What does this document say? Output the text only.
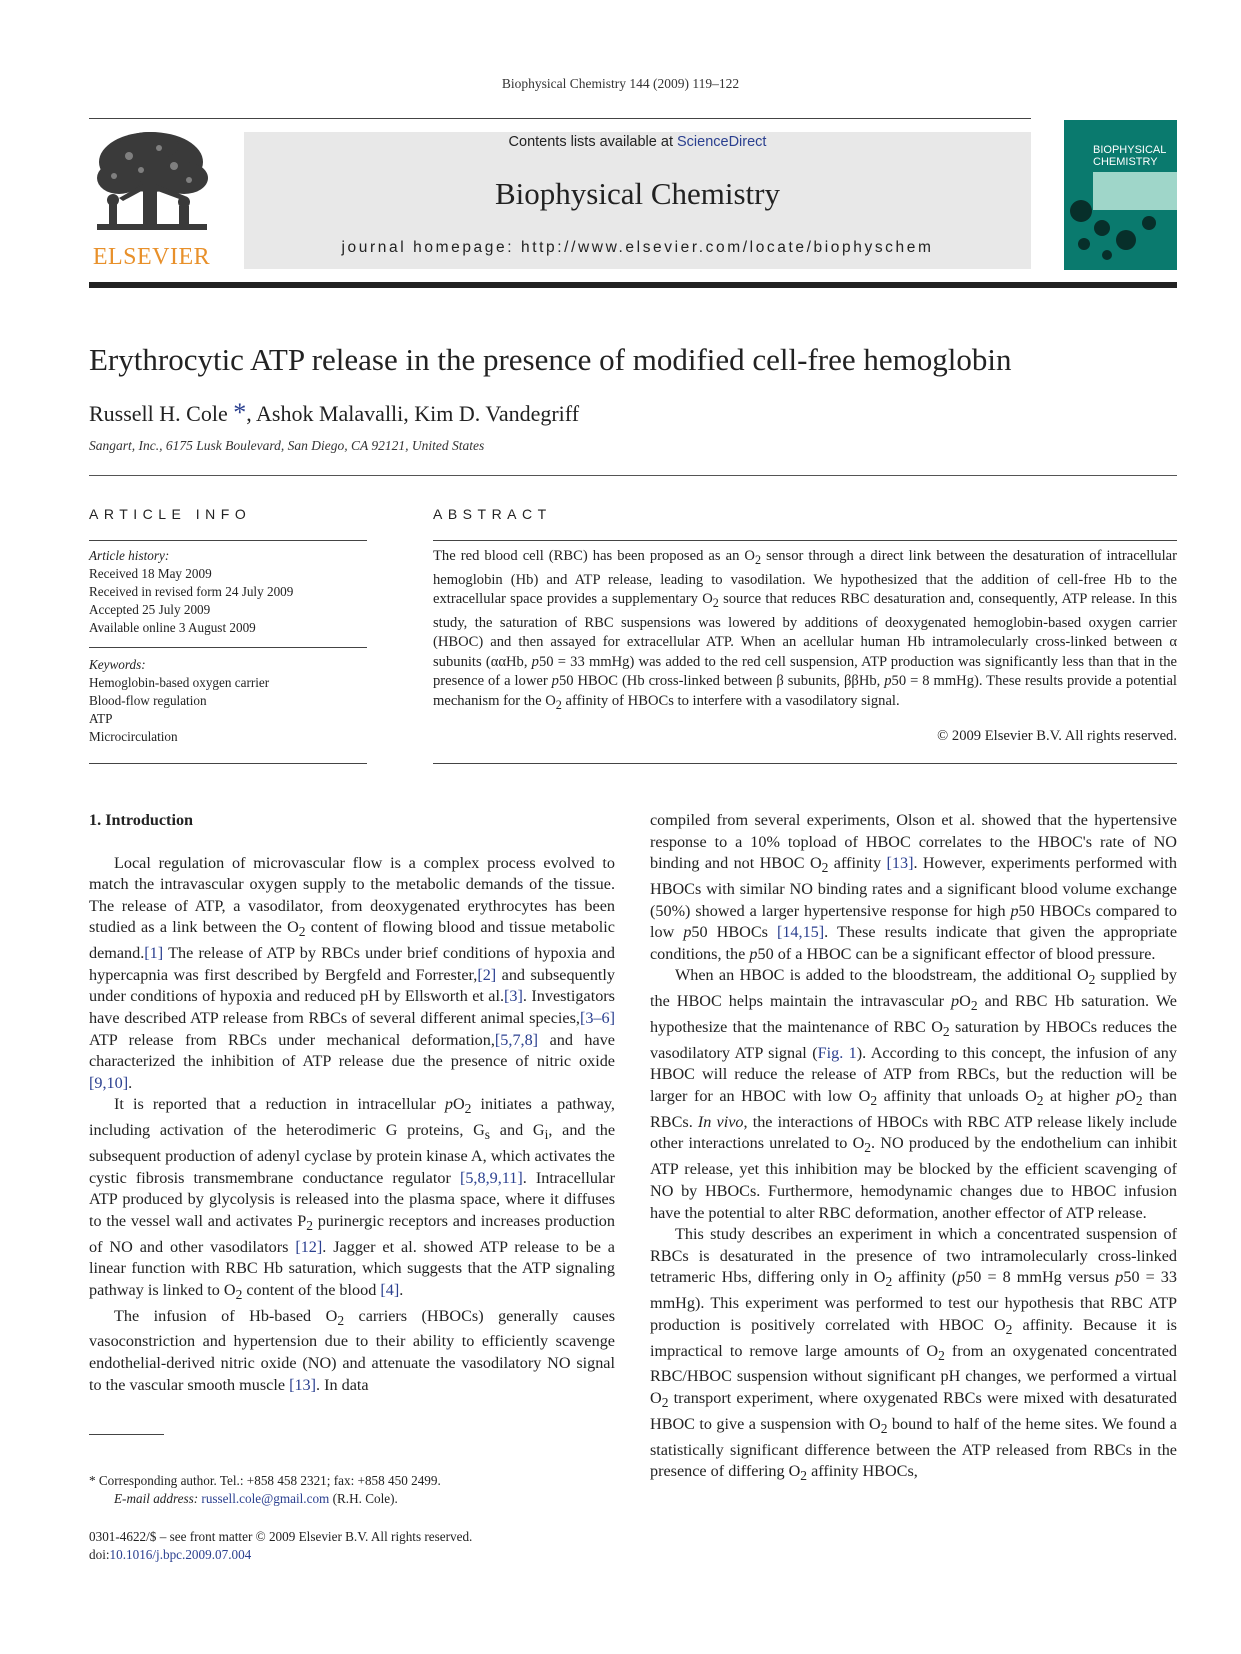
Biophysical Chemistry 144 (2009) 119–122
ELSEVIER
Contents lists available at ScienceDirect
Biophysical Chemistry
journal homepage: http://www.elsevier.com/locate/biophyschem
BIOPHYSICAL
CHEMISTRY
Erythrocytic ATP release in the presence of modified cell-free hemoglobin
Russell H. Cole *, Ashok Malavalli, Kim D. Vandegriff
Sangart, Inc., 6175 Lusk Boulevard, San Diego, CA 92121, United States
ARTICLE INFO
Article history:
Received 18 May 2009
Received in revised form 24 July 2009
Accepted 25 July 2009
Available online 3 August 2009
Keywords:
Hemoglobin-based oxygen carrier
Blood-flow regulation
ATP
Microcirculation
ABSTRACT
The red blood cell (RBC) has been proposed as an $O_2$ sensor through a direct link between the desaturation of intracellular hemoglobin (Hb) and ATP release, leading to vasodilation. We hypothesized that the addition of cell-free Hb to the extracellular space provides a supplementary $O_2$ source that reduces RBC desaturation and, consequently, ATP release. In this study, the saturation of RBC suspensions was lowered by additions of deoxygenated hemoglobin-based oxygen carrier (HBOC) and then assayed for extracellular ATP. When an acellular human Hb intramolecularly cross-linked between α subunits (ααHb, p50 = 33 mmHg) was added to the red cell suspension, ATP production was significantly less than that in the presence of a lower p50 HBOC (Hb cross-linked between β subunits, ββHb, p50 = 8 mmHg). These results provide a potential mechanism for the $O_2$ affinity of HBOCs to interfere with a vasodilatory signal.
© 2009 Elsevier B.V. All rights reserved.
1. Introduction

Local regulation of microvascular flow is a complex process evolved to match the intravascular oxygen supply to the metabolic demands of the tissue. The release of ATP, a vasodilator, from deoxygenated erythrocytes has been studied as a link between the $O_2$ content of flowing blood and tissue metabolic demand.[1] The release of ATP by RBCs under brief conditions of hypoxia and hypercapnia was first described by Bergfeld and Forrester,[2] and subsequently under conditions of hypoxia and reduced pH by Ellsworth et al.[3]. Investigators have described ATP release from RBCs of several different animal species,[3–6] ATP release from RBCs under mechanical deformation,[5,7,8] and have characterized the inhibition of ATP release due the presence of nitric oxide [9,10].

It is reported that a reduction in intracellular $pO_2$ initiates a pathway, including activation of the heterodimeric G proteins, $G_s$ and $G_i$, and the subsequent production of adenyl cyclase by protein kinase A, which activates the cystic fibrosis transmembrane conductance regulator [5,8,9,11]. Intracellular ATP produced by glycolysis is released into the plasma space, where it diffuses to the vessel wall and activates $P_2$ purinergic receptors and increases production of NO and other vasodilators [12]. Jagger et al. showed ATP release to be a linear function with RBC Hb saturation, which suggests that the ATP signaling pathway is linked to $O_2$ content of the blood [4].

The infusion of Hb-based $O_2$ carriers (HBOCs) generally causes vasoconstriction and hypertension due to their ability to efficiently scavenge endothelial-derived nitric oxide (NO) and attenuate the vasodilatory NO signal to the vascular smooth muscle [13]. In data

compiled from several experiments, Olson et al. showed that the hypertensive response to a 10% topload of HBOC correlates to the HBOC's rate of NO binding and not HBOC $O_2$ affinity [13]. However, experiments performed with HBOCs with similar NO binding rates and a significant blood volume exchange (50%) showed a larger hypertensive response for high p50 HBOCs compared to low p50 HBOCs [14,15]. These results indicate that given the appropriate conditions, the p50 of a HBOC can be a significant effector of blood pressure.

When an HBOC is added to the bloodstream, the additional $O_2$ supplied by the HBOC helps maintain the intravascular $pO_2$ and RBC Hb saturation. We hypothesize that the maintenance of RBC $O_2$ saturation by HBOCs reduces the vasodilatory ATP signal (Fig. 1). According to this concept, the infusion of any HBOC will reduce the release of ATP from RBCs, but the reduction will be larger for an HBOC with low $O_2$ affinity that unloads $O_2$ at higher $pO_2$ than RBCs. In vivo, the interactions of HBOCs with RBC ATP release likely include other interactions unrelated to $O_2$. NO produced by the endothelium can inhibit ATP release, yet this inhibition may be blocked by the efficient scavenging of NO by HBOCs. Furthermore, hemodynamic changes due to HBOC infusion have the potential to alter RBC deformation, another effector of ATP release.

This study describes an experiment in which a concentrated suspension of RBCs is desaturated in the presence of two intramolecularly cross-linked tetrameric Hbs, differing only in $O_2$ affinity (p50 = 8 mmHg versus p50 = 33 mmHg). This experiment was performed to test our hypothesis that RBC ATP production is positively correlated with HBOC $O_2$ affinity. Because it is impractical to remove large amounts of $O_2$ from an oxygenated concentrated RBC/HBOC suspension without significant pH changes, we performed a virtual $O_2$ transport experiment, where oxygenated RBCs were mixed with desaturated HBOC to give a suspension with $O_2$ bound to half of the heme sites. We found a statistically significant difference between the ATP released from RBCs in the presence of differing $O_2$ affinity HBOCs,

* Corresponding author. Tel.: +858 458 2321; fax: +858 450 2499.
E-mail address: russell.cole@gmail.com (R.H. Cole).
0301-4622/$ – see front matter © 2009 Elsevier B.V. All rights reserved.
doi:10.1016/j.bpc.2009.07.004
